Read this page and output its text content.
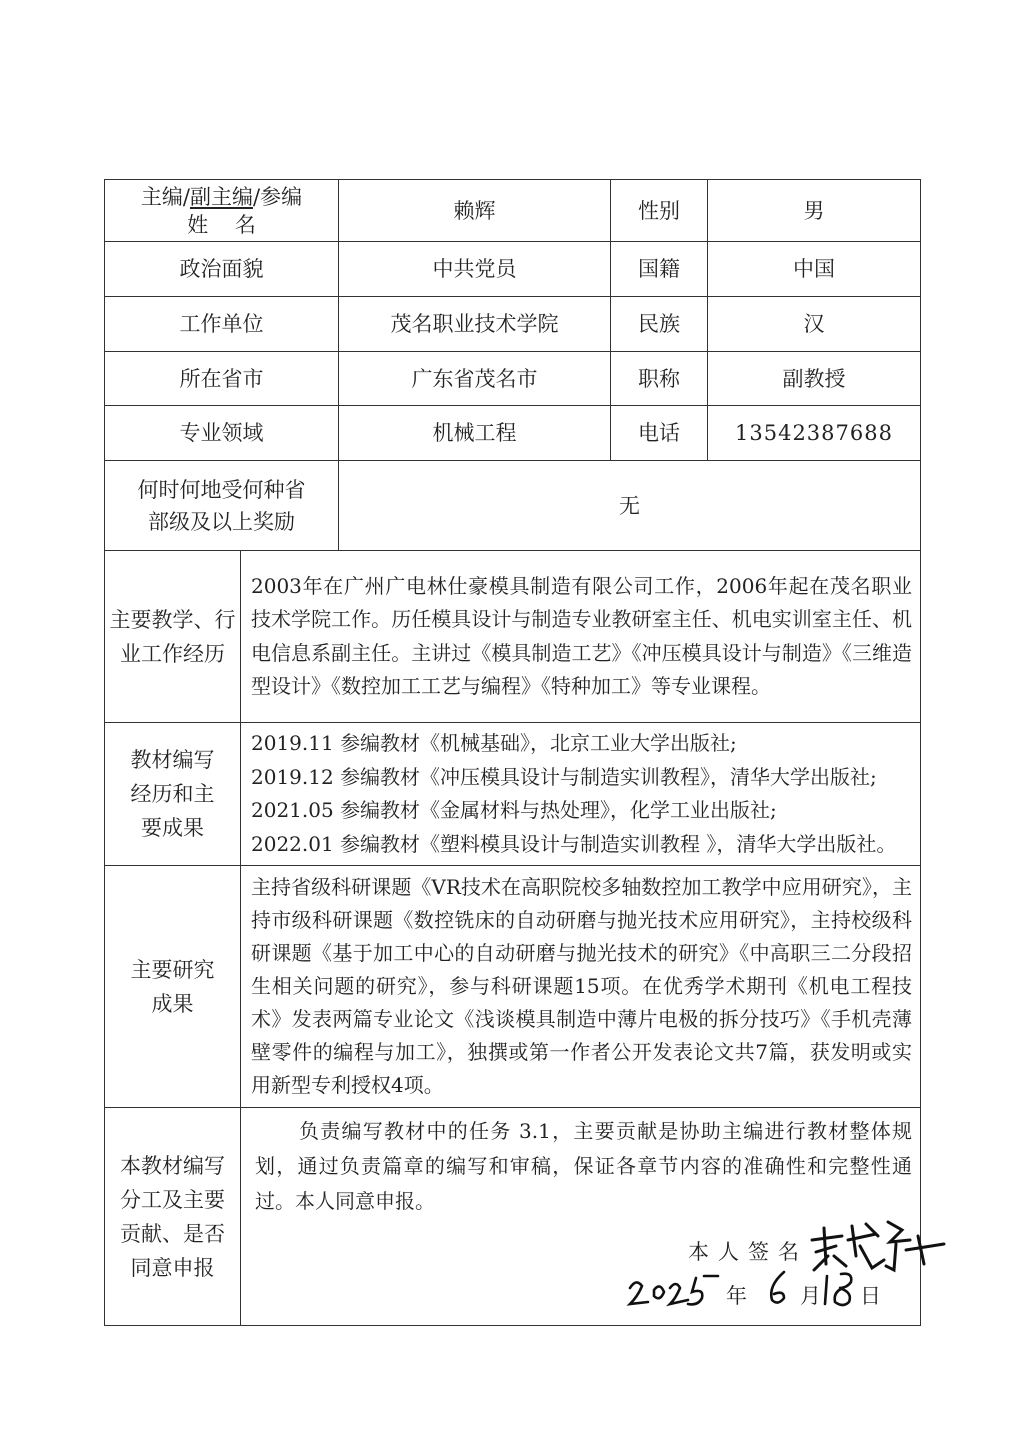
主编/副主编/参编
姓    名		赖辉	性别	男
政治面貌		中共党员	国籍	中国
工作单位		茂名职业技术学院	民族	汉
所在省市		广东省茂名市	职称	副教授
专业领域		机械工程	电话	13542387688

何时何地受何种省部级及以上奖励		无		

主要教学、行业工作经历	2003年在广州广电林仕豪模具制造有限公司工作，2006年起在茂名职业技术学院工作。历任模具设计与制造专业教研室主任、机电实训室主任、机电信息系副主任。主讲过《模具制造工艺》《冲压模具设计与制造》《三维造型设计》《数控加工工艺与编程》《特种加工》等专业课程。			

教材编写经历和主要成果	2019.11 参编教材《机械基础》，北京工业大学出版社;
2019.12 参编教材《冲压模具设计与制造实训教程》，清华大学出版社;
2021.05 参编教材《金属材料与热处理》，化学工业出版社;
2022.01 参编教材《塑料模具设计与制造实训教程 》，清华大学出版社。			

主要研究成果	主持省级科研课题《VR技术在高职院校多轴数控加工教学中应用研究》，主持市级科研课题《数控铣床的自动研磨与抛光技术应用研究》，主持校级科研课题《基于加工中心的自动研磨与抛光技术的研究》《中高职三二分段招生相关问题的研究》，参与科研课题15项。在优秀学术期刊《机电工程技术》发表两篇专业论文《浅谈模具制造中薄片电极的拆分技巧》《手机壳薄壁零件的编程与加工》，独撰或第一作者公开发表论文共7篇，获发明或实用新型专利授权4项。			

本教材编写分工及主要贡献、是否同意申报	负责编写教材中的任务 3.1，主要贡献是协助主编进行教材整体规划，通过负责篇章的编写和审稿，保证各章节内容的准确性和完整性通过。本人同意申报。
本人签名
年 月 日			
